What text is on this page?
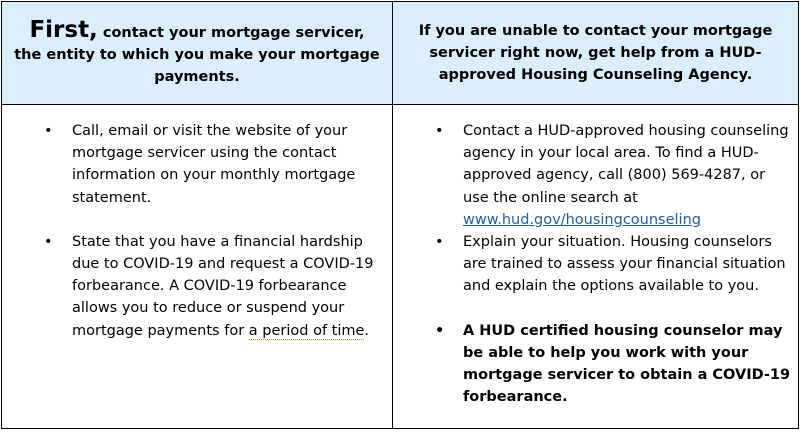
First, contact your mortgage servicer, the entity to which you make your mortgage payments.
If you are unable to contact your mortgage servicer right now, get help from a HUD-approved Housing Counseling Agency.
• Call, email or visit the website of your mortgage servicer using the contact information on your monthly mortgage statement.
• State that you have a financial hardship due to COVID-19 and request a COVID-19 forbearance. A COVID-19 forbearance allows you to reduce or suspend your mortgage payments for a period of time.
• Contact a HUD-approved housing counseling agency in your local area. To find a HUD-approved agency, call (800) 569-4287, or use the online search at www.hud.gov/housingcounseling
• Explain your situation. Housing counselors are trained to assess your financial situation and explain the options available to you.
• A HUD certified housing counselor may be able to help you work with your mortgage servicer to obtain a COVID-19 forbearance.
